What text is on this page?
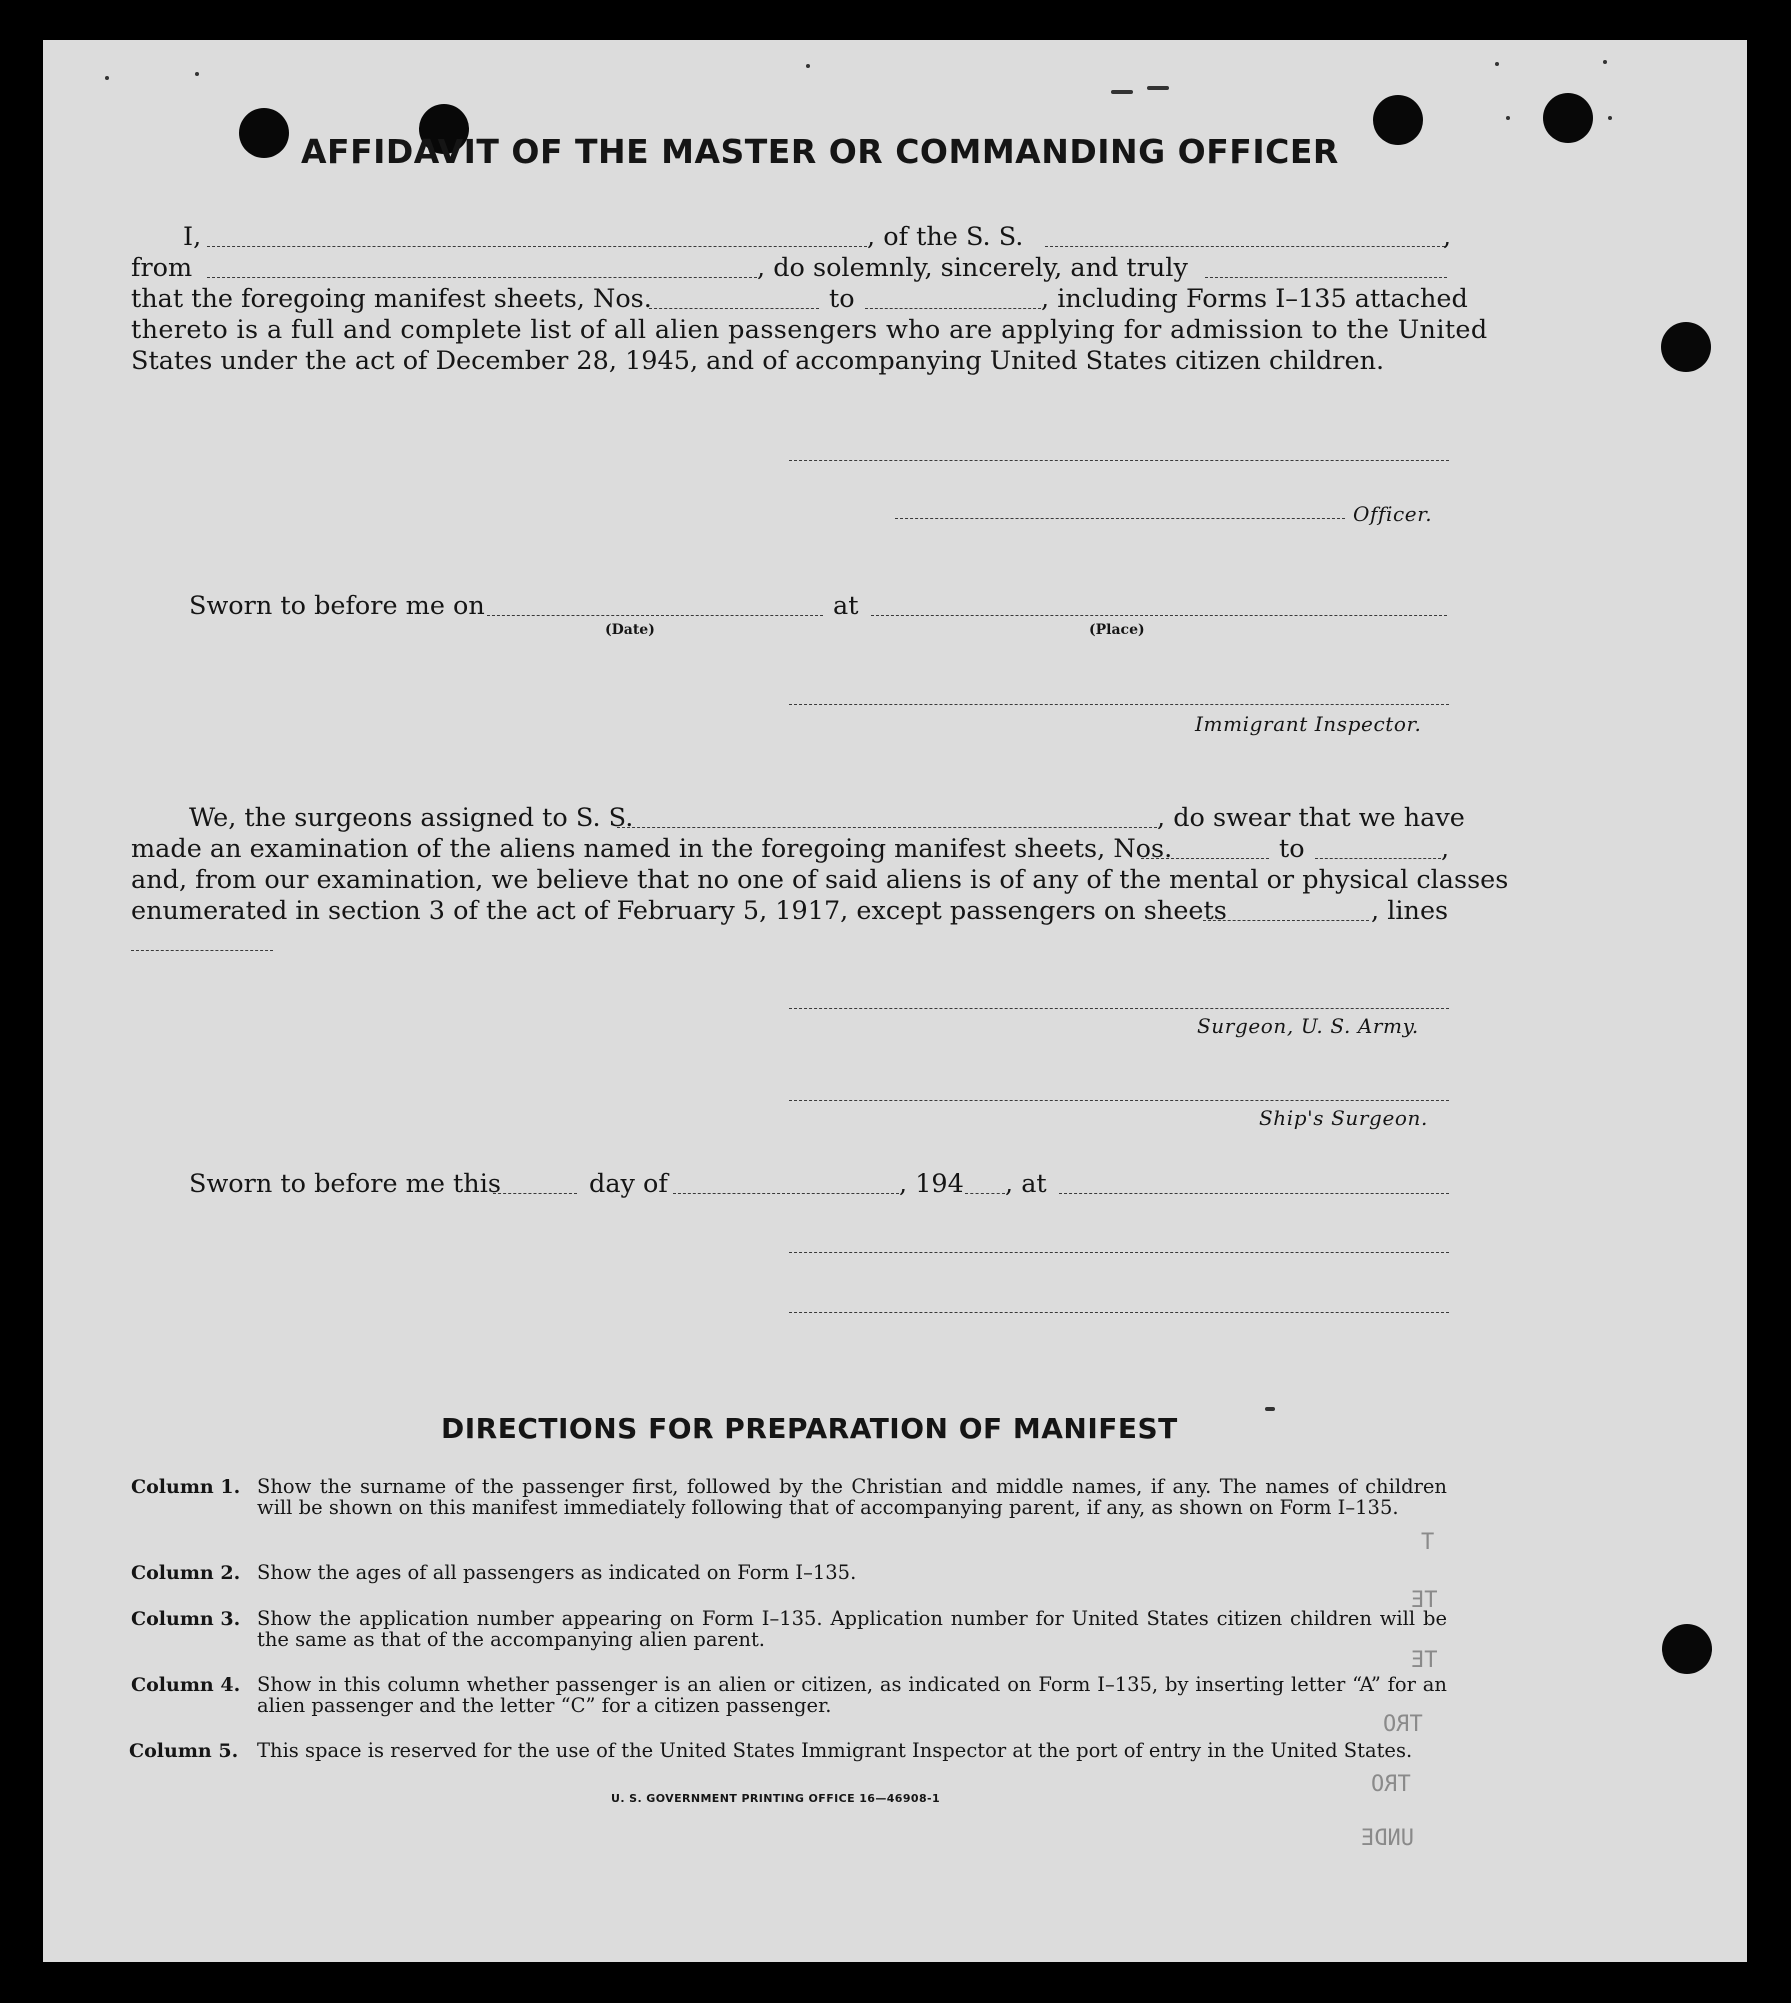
AFFIDAVIT OF THE MASTER OR COMMANDING OFFICER
I,	, of the S. S.	,
from	, do solemnly, sincerely, and truly
that the foregoing manifest sheets, Nos.	to	, including Forms I–135 attached
thereto is a full and complete list of all alien passengers who are applying for admission to the United
States under the act of December 28, 1945, and of accompanying United States citizen children.
Officer.
Sworn to before me on	at
(Date)	(Place)
Immigrant Inspector.
We, the surgeons assigned to S. S.	, do swear that we have
made an examination of the aliens named in the foregoing manifest sheets, Nos.	to	,
and, from our examination, we believe that no one of said aliens is of any of the mental or physical classes
enumerated in section 3 of the act of February 5, 1917, except passengers on sheets	, lines
Surgeon, U. S. Army.
Ship's Surgeon.
Sworn to before me this	day of	, 194 , at
DIRECTIONS FOR PREPARATION OF MANIFEST
Column 1. Show the surname of the passenger first, followed by the Christian and middle names, if any. The names of children will be shown on this manifest immediately following that of accompanying parent, if any, as shown on Form I–135.
Column 2. Show the ages of all passengers as indicated on Form I–135.
Column 3. Show the application number appearing on Form I–135. Application number for United States citizen children will be the same as that of the accompanying alien parent.
Column 4. Show in this column whether passenger is an alien or citizen, as indicated on Form I–135, by inserting letter “A” for an alien passenger and the letter “C” for a citizen passenger.
Column 5. This space is reserved for the use of the United States Immigrant Inspector at the port of entry in the United States.
U. S. GOVERNMENT PRINTING OFFICE 16—46908-1
T
TE
TE
TRO
TRO
UNDE
